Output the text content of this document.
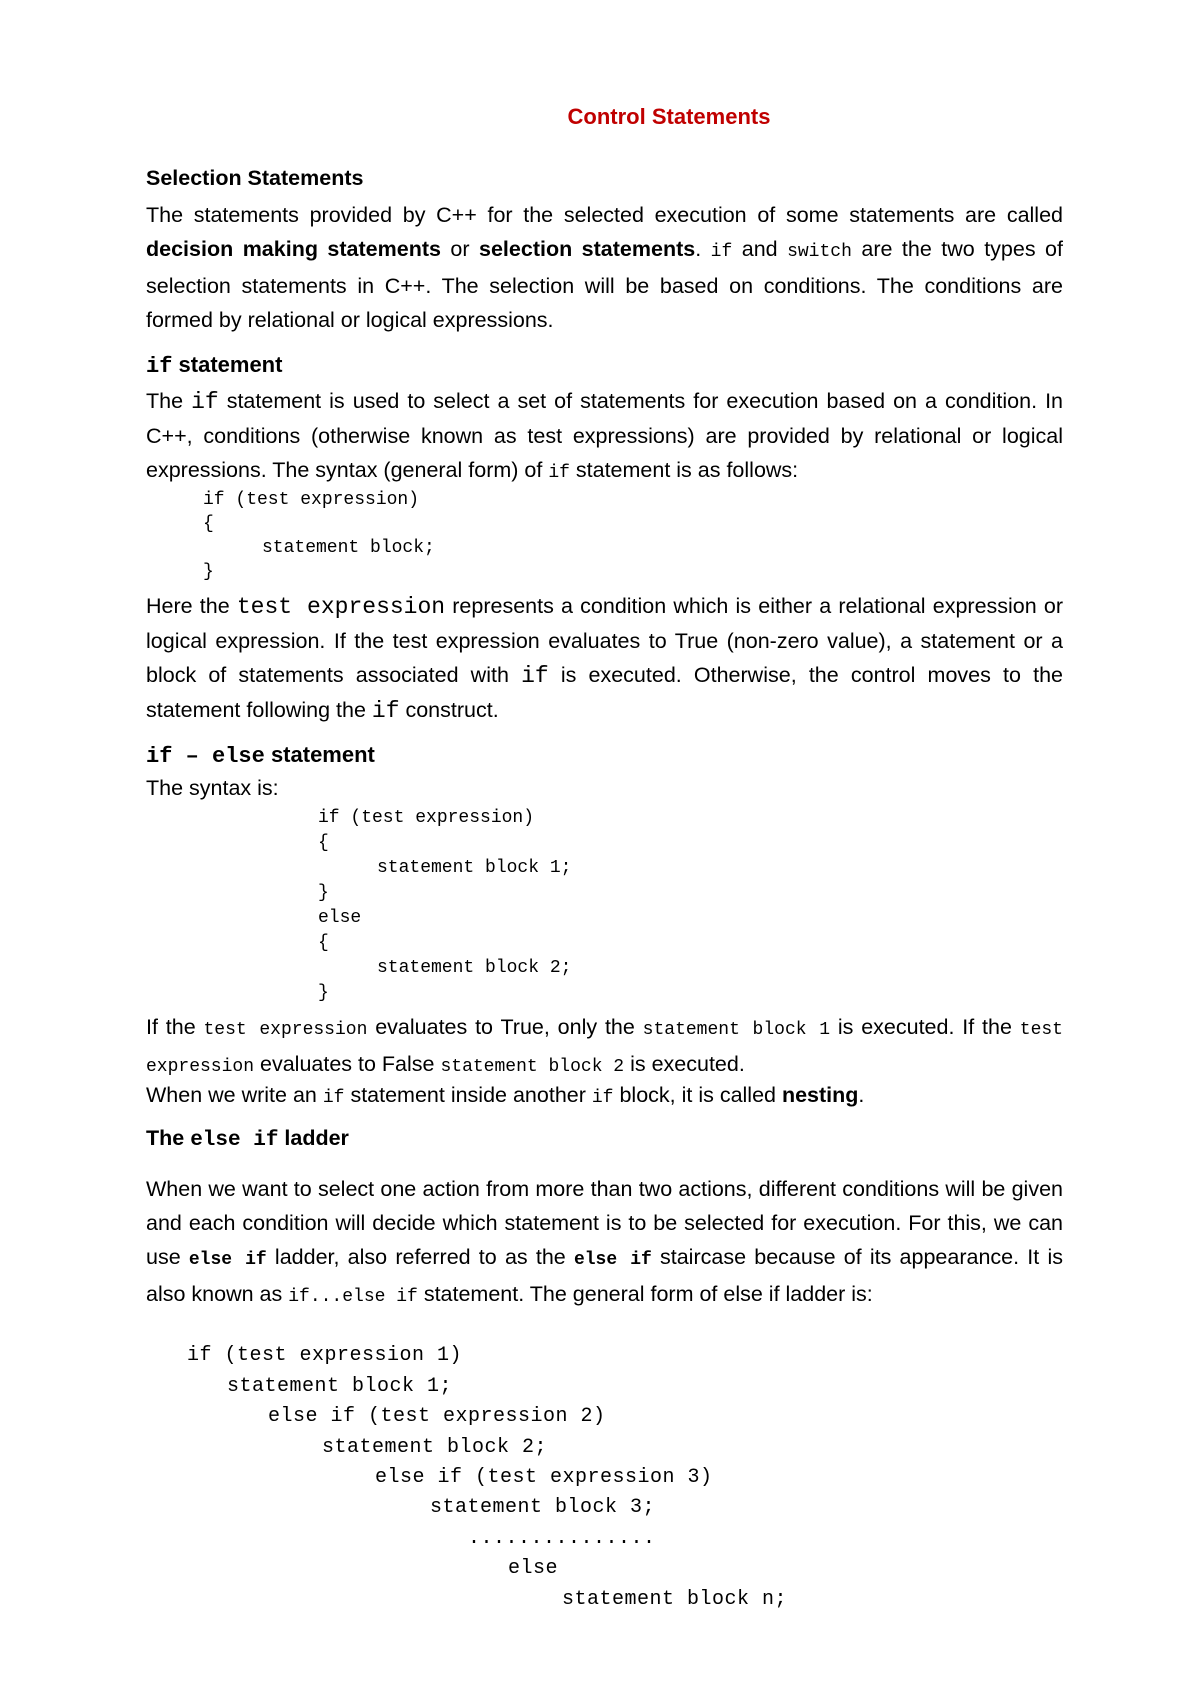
Control Statements
Selection Statements

The statements provided by C++ for the selected execution of some statements are called decision making statements or selection statements. if and switch are the two types of selection statements in C++. The selection will be based on conditions. The conditions are formed by relational or logical expressions.

if statement

The if statement is used to select a set of statements for execution based on a condition. In C++, conditions (otherwise known as test expressions) are provided by relational or logical expressions. The syntax (general form) of if statement is as follows:

if (test expression)
{
statement block;
}

Here the test expression represents a condition which is either a relational expression or logical expression. If the test expression evaluates to True (non-zero value), a statement or a block of statements associated with if is executed. Otherwise, the control moves to the statement following the if construct.

if – else statement
The syntax is:
if (test expression)
{
statement block 1;
}
else
{
statement block 2;
}

If the test expression evaluates to True, only the statement block 1 is executed. If the test expression evaluates to False statement block 2 is executed.

When we write an if statement inside another if block, it is called nesting.

The else if ladder

When we want to select one action from more than two actions, different conditions will be given and each condition will decide which statement is to be selected for execution. For this, we can use else if ladder, also referred to as the else if staircase because of its appearance. It is also known as if...else if statement. The general form of else if ladder is:

if (test expression 1)
statement block 1;
else if (test expression 2)
statement block 2;
else if (test expression 3)
statement block 3;
...............
else
statement block n;
